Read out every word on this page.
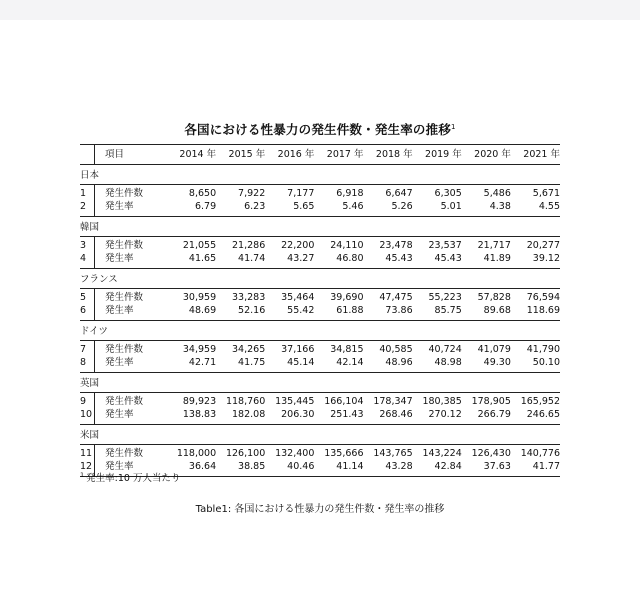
各国における性暴力の発生件数・発生率の推移$^1$
	項目	2014 年	2015 年	2016 年	2017 年	2018 年	2019 年	2020 年	2021 年
日本									
1	発生件数	8,650	7,922	7,177	6,918	6,647	6,305	5,486	5,671
2	発生率	6.79	6.23	5.65	5.46	5.26	5.01	4.38	4.55
韓国									
3	発生件数	21,055	21,286	22,200	24,110	23,478	23,537	21,717	20,277
4	発生率	41.65	41.74	43.27	46.80	45.43	45.43	41.89	39.12
フランス									
5	発生件数	30,959	33,283	35,464	39,690	47,475	55,223	57,828	76,594
6	発生率	48.69	52.16	55.42	61.88	73.86	85.75	89.68	118.69
ドイツ									
7	発生件数	34,959	34,265	37,166	34,815	40,585	40,724	41,079	41,790
8	発生率	42.71	41.75	45.14	42.14	48.96	48.98	49.30	50.10
英国									
9	発生件数	89,923	118,760	135,445	166,104	178,347	180,385	178,905	165,952
10	発生率	138.83	182.08	206.30	251.43	268.46	270.12	266.79	246.65
米国									
11	発生件数	118,000	126,100	132,400	135,666	143,765	143,224	126,430	140,776
12	発生率	36.64	38.85	40.46	41.14	43.28	42.84	37.63	41.77
$^1$ 発生率:10 万人当たり
Table1: 各国における性暴力の発生件数・発生率の推移
